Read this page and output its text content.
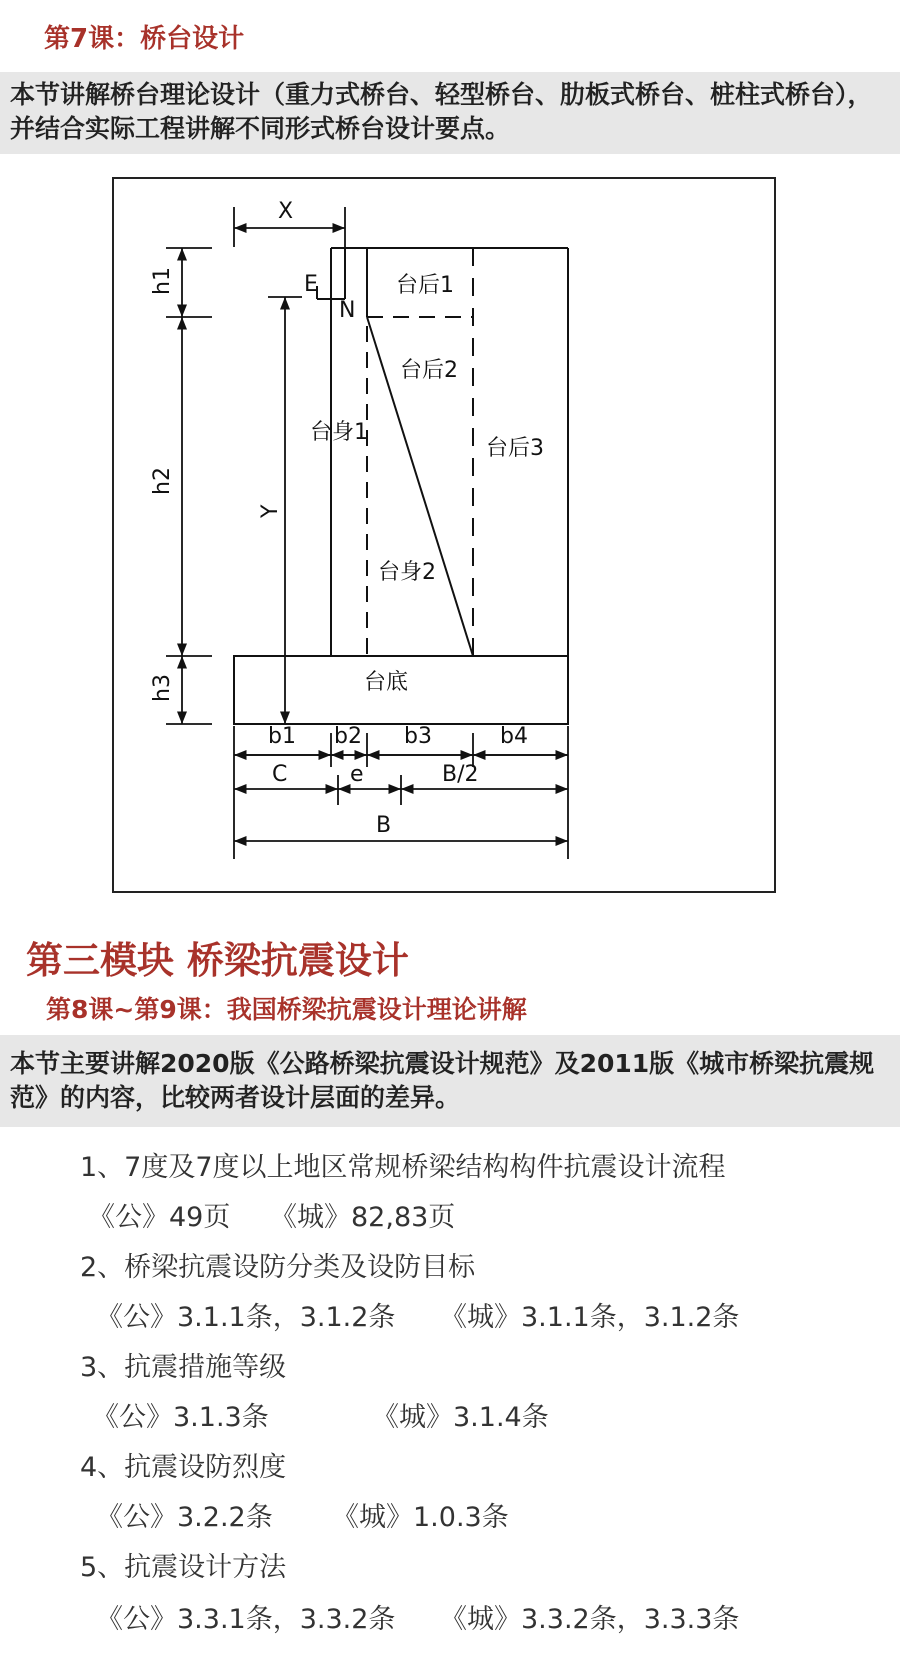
第7课：桥台设计
本节讲解桥台理论设计（重力式桥台、轻型桥台、肋板式桥台、桩柱式桥台），并结合实际工程讲解不同形式桥台设计要点。
X
h1
h2
h3
Y
E
N
台后1
台后2
台后3
台身1
台身2
台底
b1 b2 b3	b4
C	e	B/2
B
第三模块 桥梁抗震设计
第8课~第9课：我国桥梁抗震设计理论讲解
本节主要讲解2020版《公路桥梁抗震设计规范》及2011版《城市桥梁抗震规范》的内容，比较两者设计层面的差异。
1、7度及7度以上地区常规桥梁结构构件抗震设计流程
《公》49页 《城》82,83页
2、桥梁抗震设防分类及设防目标
《公》3.1.1条，3.1.2条 《城》3.1.1条，3.1.2条
3、抗震措施等级
《公》3.1.3条	《城》3.1.4条
4、抗震设防烈度
《公》3.2.2条 《城》1.0.3条
5、抗震设计方法
《公》3.3.1条，3.3.2条 《城》3.3.2条，3.3.3条
